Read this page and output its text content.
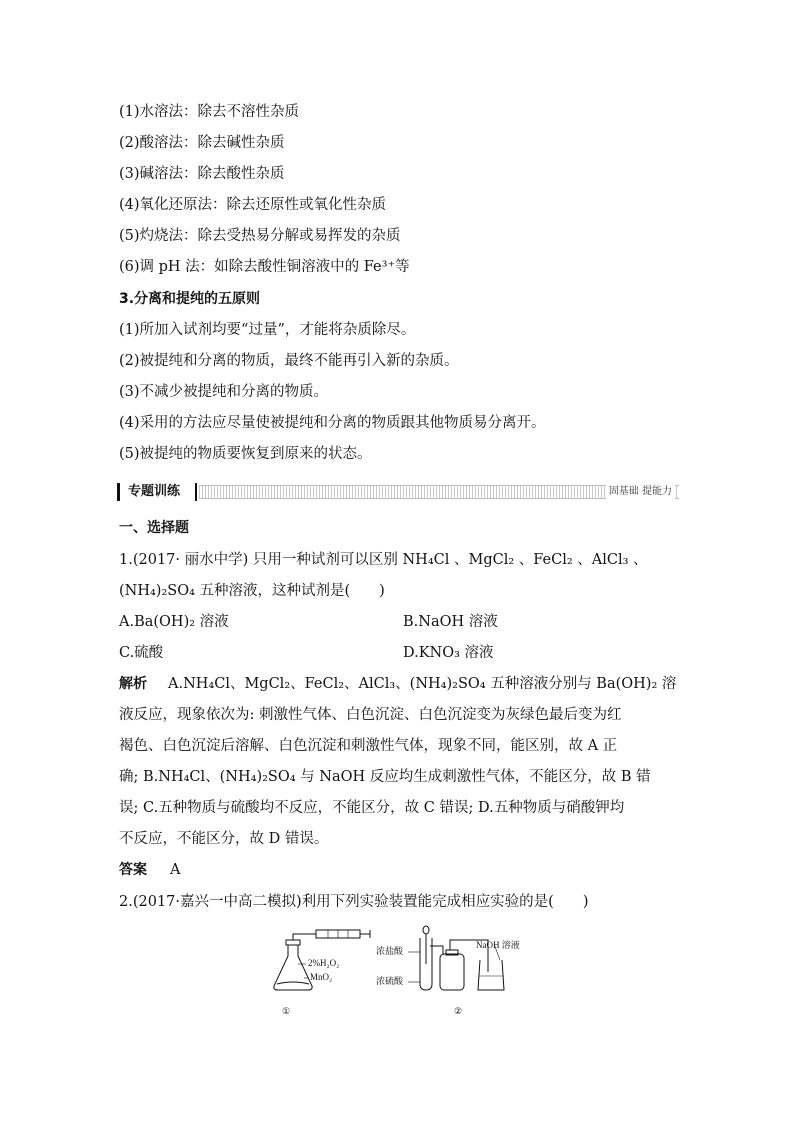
(1)水溶法：除去不溶性杂质
(2)酸溶法：除去碱性杂质
(3)碱溶法：除去酸性杂质
(4)氧化还原法：除去还原性或氧化性杂质
(5)灼烧法：除去受热易分解或易挥发的杂质
(6)调 pH 法：如除去酸性铜溶液中的 Fe³⁺等
3.分离和提纯的五原则
(1)所加入试剂均要“过量”，才能将杂质除尽。
(2)被提纯和分离的物质，最终不能再引入新的杂质。
(3)不减少被提纯和分离的物质。
(4)采用的方法应尽量使被提纯和分离的物质跟其他物质易分离开。
(5)被提纯的物质要恢复到原来的状态。
专题训练	固基础 提能力
一、选择题
1.(2017· 丽水中学) 只用一种试剂可以区别 NH₄Cl 、MgCl₂ 、FeCl₂ 、AlCl₃ 、
(NH₄)₂SO₄ 五种溶液，这种试剂是(　　)
A.Ba(OH)₂ 溶液	B.NaOH 溶液
C.硫酸	D.KNO₃ 溶液
解析 A.NH₄Cl、MgCl₂、FeCl₂、AlCl₃、(NH₄)₂SO₄ 五种溶液分别与 Ba(OH)₂ 溶
液反应，现象依次为: 刺激性气体、白色沉淀、白色沉淀变为灰绿色最后变为红
褐色、白色沉淀后溶解、白色沉淀和刺激性气体，现象不同，能区别，故 A 正
确; B.NH₄Cl、(NH₄)₂SO₄ 与 NaOH 反应均生成刺激性气体，不能区分，故 B 错
误; C.五种物质与硫酸均不反应，不能区分，故 C 错误; D.五种物质与硝酸钾均
不反应，不能区分，故 D 错误。
答案 A
2.(2017·嘉兴一中高二模拟)利用下列实验装置能完成相应实验的是(　　)
2%H₂O₂
MnO₂
①
浓盐酸
浓硫酸
NaOH 溶液
②
